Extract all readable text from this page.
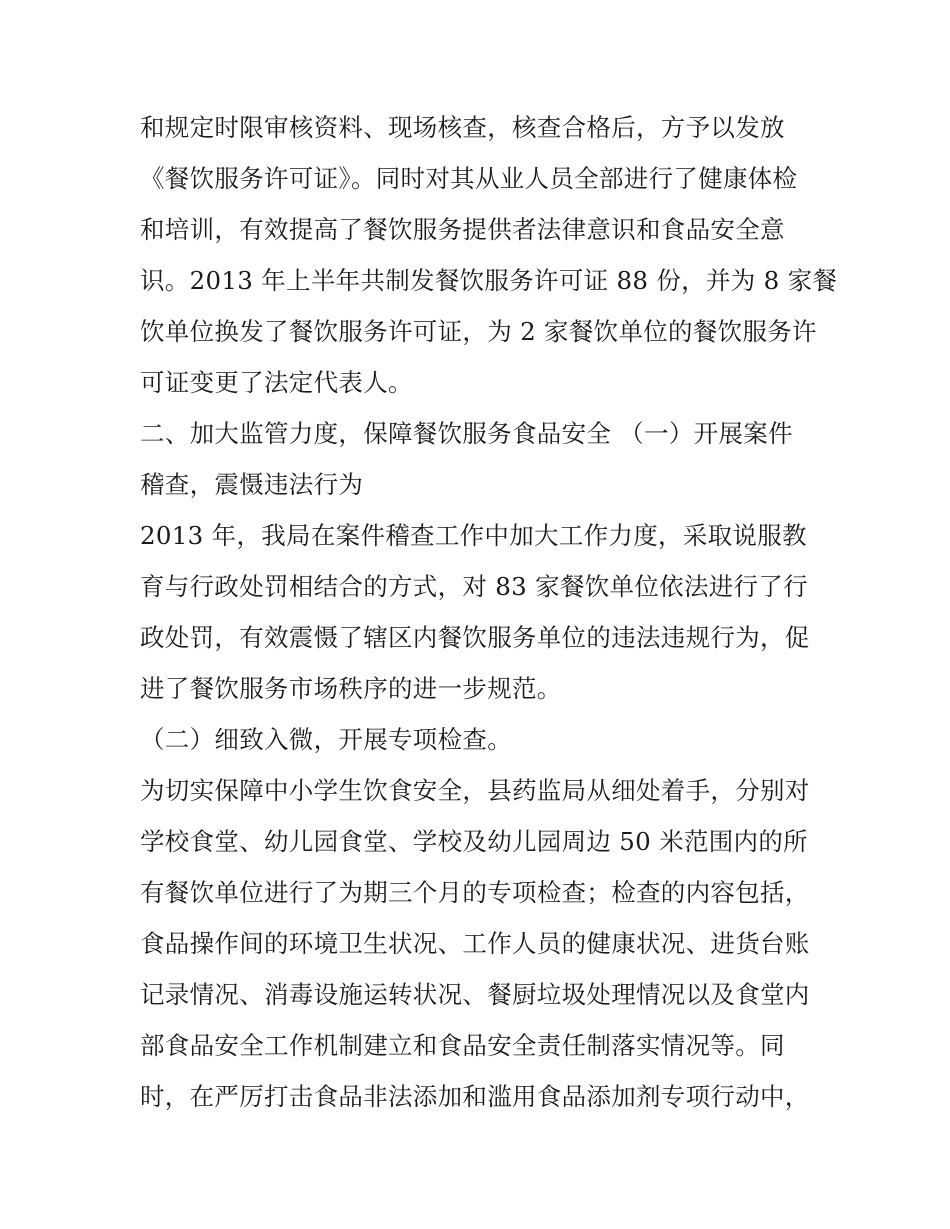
和规定时限审核资料、现场核查，核查合格后，方予以发放
《餐饮服务许可证》。同时对其从业人员全部进行了健康体检
和培训，有效提高了餐饮服务提供者法律意识和食品安全意
识。2013 年上半年共制发餐饮服务许可证 88 份，并为 8 家餐
饮单位换发了餐饮服务许可证，为 2 家餐饮单位的餐饮服务许
可证变更了法定代表人。
二、加大监管力度，保障餐饮服务食品安全 （一）开展案件
稽查，震慑违法行为
2013 年，我局在案件稽查工作中加大工作力度，采取说服教
育与行政处罚相结合的方式，对 83 家餐饮单位依法进行了行
政处罚，有效震慑了辖区内餐饮服务单位的违法违规行为，促
进了餐饮服务市场秩序的进一步规范。
（二）细致入微，开展专项检查。
为切实保障中小学生饮食安全，县药监局从细处着手，分别对
学校食堂、幼儿园食堂、学校及幼儿园周边 50 米范围内的所
有餐饮单位进行了为期三个月的专项检查；检查的内容包括，
食品操作间的环境卫生状况、工作人员的健康状况、进货台账
记录情况、消毒设施运转状况、餐厨垃圾处理情况以及食堂内
部食品安全工作机制建立和食品安全责任制落实情况等。同
时，在严厉打击食品非法添加和滥用食品添加剂专项行动中，
